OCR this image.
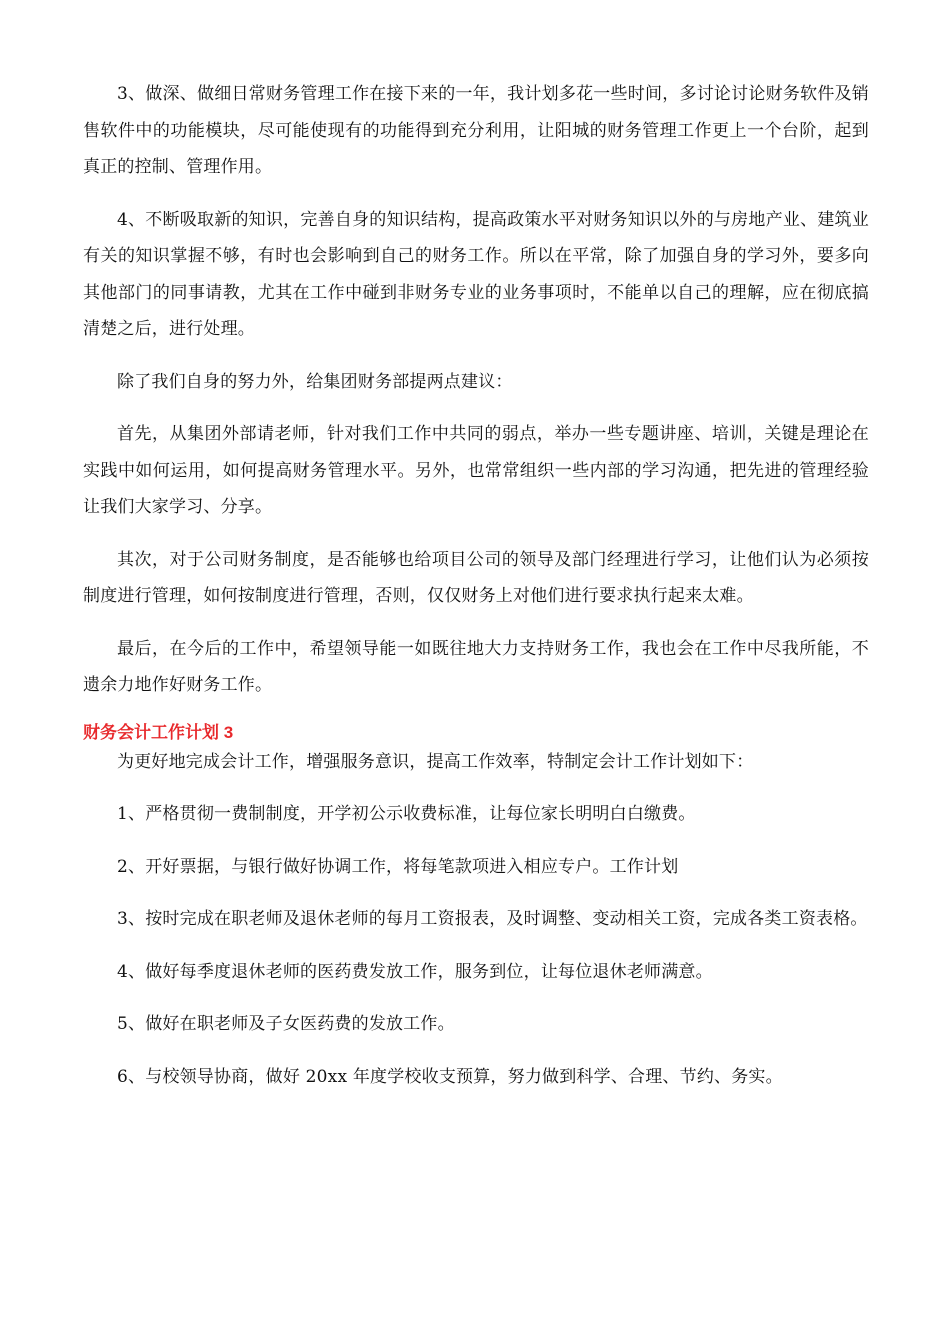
3、做深、做细日常财务管理工作在接下来的一年，我计划多花一些时间，多讨论讨论财务软件及销售软件中的功能模块，尽可能使现有的功能得到充分利用，让阳城的财务管理工作更上一个台阶，起到真正的控制、管理作用。

4、不断吸取新的知识，完善自身的知识结构，提高政策水平对财务知识以外的与房地产业、建筑业有关的知识掌握不够，有时也会影响到自己的财务工作。所以在平常，除了加强自身的学习外，要多向其他部门的同事请教，尤其在工作中碰到非财务专业的业务事项时，不能单以自己的理解，应在彻底搞清楚之后，进行处理。

除了我们自身的努力外，给集团财务部提两点建议：

首先，从集团外部请老师，针对我们工作中共同的弱点，举办一些专题讲座、培训，关键是理论在实践中如何运用，如何提高财务管理水平。另外，也常常组织一些内部的学习沟通，把先进的管理经验让我们大家学习、分享。

其次，对于公司财务制度，是否能够也给项目公司的领导及部门经理进行学习，让他们认为必须按制度进行管理，如何按制度进行管理，否则，仅仅财务上对他们进行要求执行起来太难。

最后，在今后的工作中，希望领导能一如既往地大力支持财务工作，我也会在工作中尽我所能，不遗余力地作好财务工作。

财务会计工作计划 3

为更好地完成会计工作，增强服务意识，提高工作效率，特制定会计工作计划如下：

1、严格贯彻一费制制度，开学初公示收费标准，让每位家长明明白白缴费。

2、开好票据，与银行做好协调工作，将每笔款项进入相应专户。工作计划

3、按时完成在职老师及退休老师的每月工资报表，及时调整、变动相关工资，完成各类工资表格。

4、做好每季度退休老师的医药费发放工作，服务到位，让每位退休老师满意。

5、做好在职老师及子女医药费的发放工作。

6、与校领导协商，做好 20xx 年度学校收支预算，努力做到科学、合理、节约、务实。
